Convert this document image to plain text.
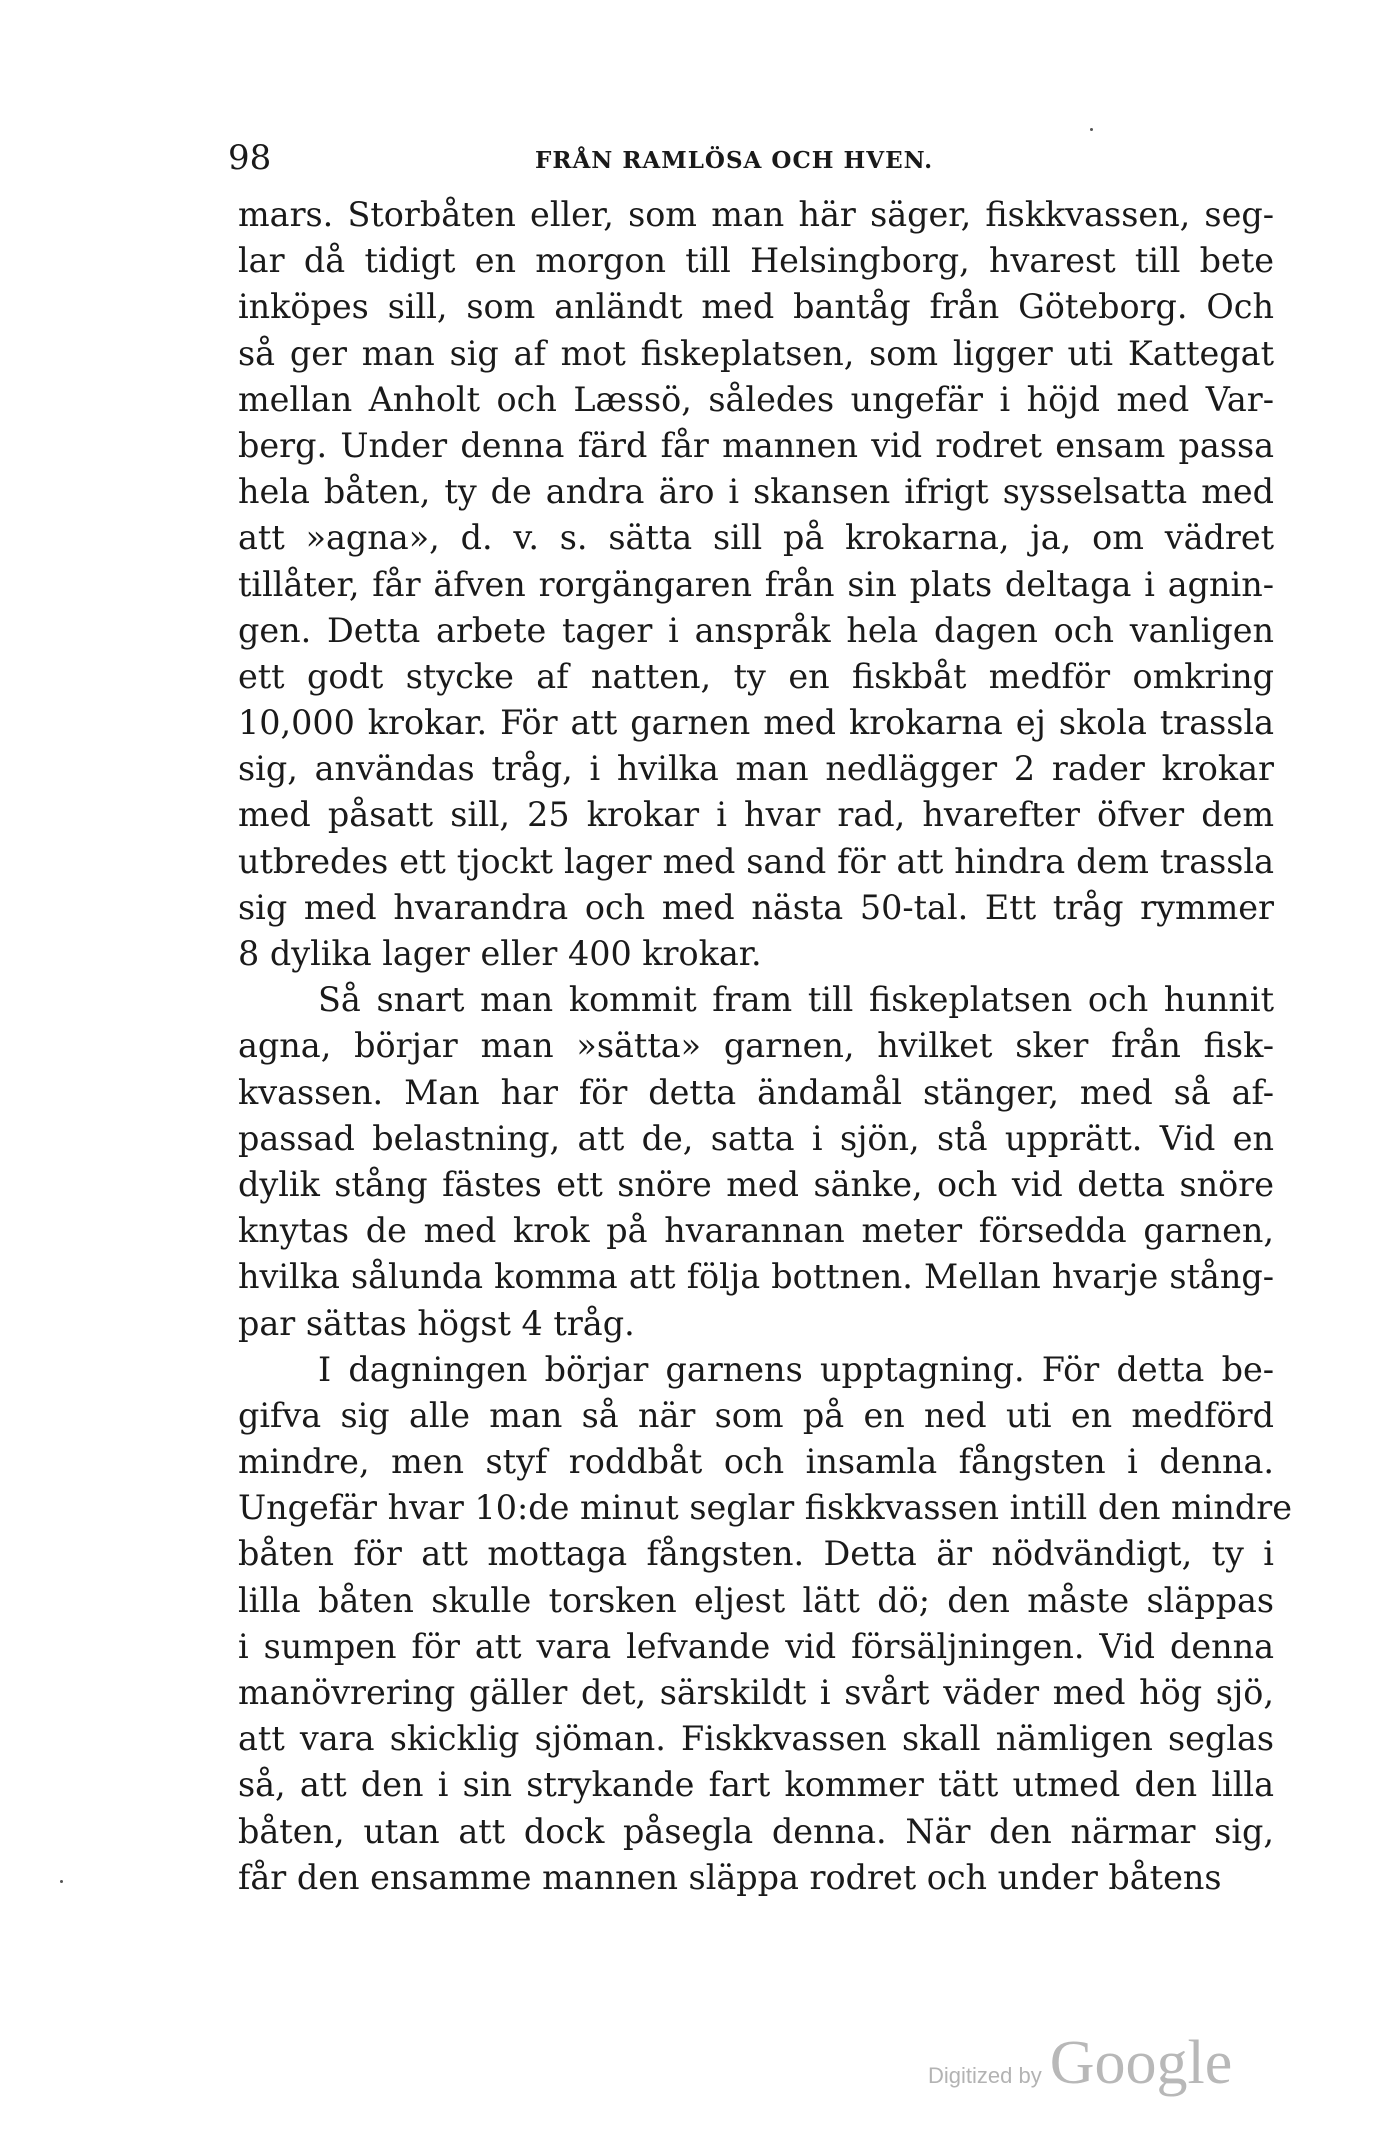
98	FRÅN RAMLÖSA OCH HVEN.
mars. Storbåten eller, som man här säger, fiskkvassen, seg-
lar då tidigt en morgon till Helsingborg, hvarest till bete
inköpes sill, som anländt med bantåg från Göteborg. Och
så ger man sig af mot fiskeplatsen, som ligger uti Kattegat
mellan Anholt och Læssö, således ungefär i höjd med Var-
berg. Under denna färd får mannen vid rodret ensam passa
hela båten, ty de andra äro i skansen ifrigt sysselsatta med
att »agna», d. v. s. sätta sill på krokarna, ja, om vädret
tillåter, får äfven rorgängaren från sin plats deltaga i agnin-
gen. Detta arbete tager i anspråk hela dagen och vanligen
ett godt stycke af natten, ty en fiskbåt medför omkring
10,000 krokar. För att garnen med krokarna ej skola trassla
sig, användas tråg, i hvilka man nedlägger 2 rader krokar
med påsatt sill, 25 krokar i hvar rad, hvarefter öfver dem
utbredes ett tjockt lager med sand för att hindra dem trassla
sig med hvarandra och med nästa 50-tal. Ett tråg rymmer
8 dylika lager eller 400 krokar.
Så snart man kommit fram till fiskeplatsen och hunnit
agna, börjar man »sätta» garnen, hvilket sker från fisk-
kvassen. Man har för detta ändamål stänger, med så af-
passad belastning, att de, satta i sjön, stå upprätt. Vid en
dylik stång fästes ett snöre med sänke, och vid detta snöre
knytas de med krok på hvarannan meter försedda garnen,
hvilka sålunda komma att följa bottnen. Mellan hvarje stång-
par sättas högst 4 tråg.
I dagningen börjar garnens upptagning. För detta be-
gifva sig alle man så när som på en ned uti en medförd
mindre, men styf roddbåt och insamla fångsten i denna.
Ungefär hvar 10:de minut seglar fiskkvassen intill den mindre
båten för att mottaga fångsten. Detta är nödvändigt, ty i
lilla båten skulle torsken eljest lätt dö; den måste släppas
i sumpen för att vara lefvande vid försäljningen. Vid denna
manövrering gäller det, särskildt i svårt väder med hög sjö,
att vara skicklig sjöman. Fiskkvassen skall nämligen seglas
så, att den i sin strykande fart kommer tätt utmed den lilla
båten, utan att dock påsegla denna. När den närmar sig,
får den ensamme mannen släppa rodret och under båtens
Digitized by Google
